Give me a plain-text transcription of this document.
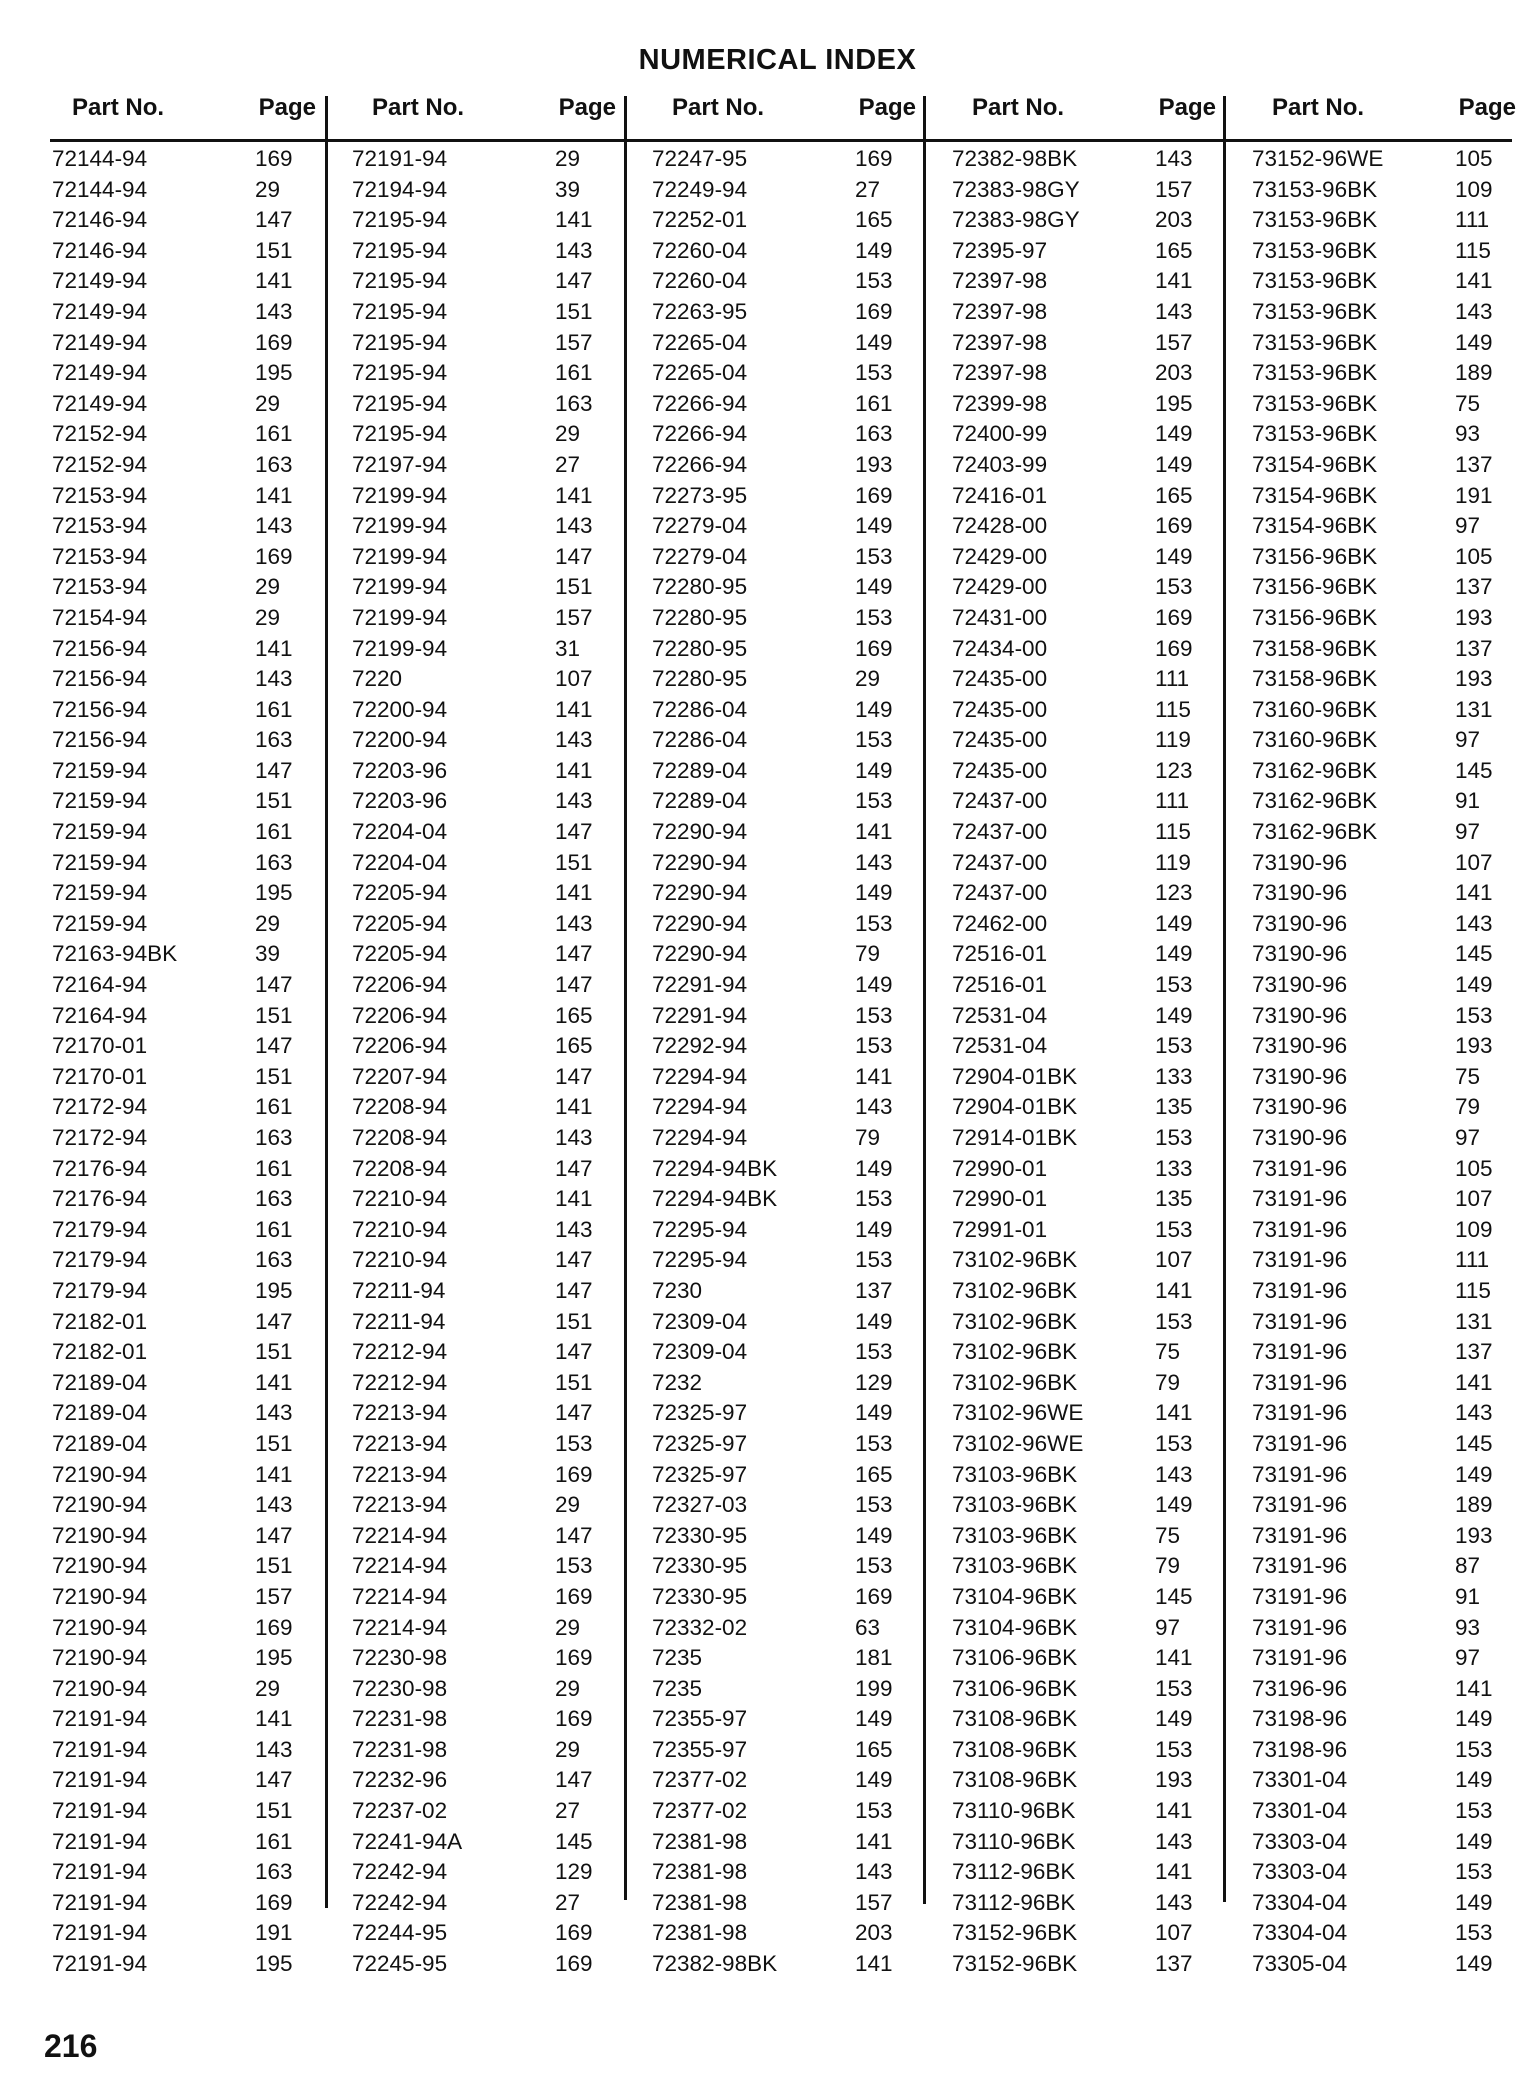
NUMERICAL INDEX
Part No.	Page
72144-94	169
72144-94	29
72146-94	147
72146-94	151
72149-94	141
72149-94	143
72149-94	169
72149-94	195
72149-94	29
72152-94	161
72152-94	163
72153-94	141
72153-94	143
72153-94	169
72153-94	29
72154-94	29
72156-94	141
72156-94	143
72156-94	161
72156-94	163
72159-94	147
72159-94	151
72159-94	161
72159-94	163
72159-94	195
72159-94	29
72163-94BK	39
72164-94	147
72164-94	151
72170-01	147
72170-01	151
72172-94	161
72172-94	163
72176-94	161
72176-94	163
72179-94	161
72179-94	163
72179-94	195
72182-01	147
72182-01	151
72189-04	141
72189-04	143
72189-04	151
72190-94	141
72190-94	143
72190-94	147
72190-94	151
72190-94	157
72190-94	169
72190-94	195
72190-94	29
72191-94	141
72191-94	143
72191-94	147
72191-94	151
72191-94	161
72191-94	163
72191-94	169
72191-94	191
72191-94	195
Part No.	Page
72191-94	29
72194-94	39
72195-94	141
72195-94	143
72195-94	147
72195-94	151
72195-94	157
72195-94	161
72195-94	163
72195-94	29
72197-94	27
72199-94	141
72199-94	143
72199-94	147
72199-94	151
72199-94	157
72199-94	31
7220	107
72200-94	141
72200-94	143
72203-96	141
72203-96	143
72204-04	147
72204-04	151
72205-94	141
72205-94	143
72205-94	147
72206-94	147
72206-94	165
72206-94	165
72207-94	147
72208-94	141
72208-94	143
72208-94	147
72210-94	141
72210-94	143
72210-94	147
72211-94	147
72211-94	151
72212-94	147
72212-94	151
72213-94	147
72213-94	153
72213-94	169
72213-94	29
72214-94	147
72214-94	153
72214-94	169
72214-94	29
72230-98	169
72230-98	29
72231-98	169
72231-98	29
72232-96	147
72237-02	27
72241-94A	145
72242-94	129
72242-94	27
72244-95	169
72245-95	169
Part No.	Page
72247-95	169
72249-94	27
72252-01	165
72260-04	149
72260-04	153
72263-95	169
72265-04	149
72265-04	153
72266-94	161
72266-94	163
72266-94	193
72273-95	169
72279-04	149
72279-04	153
72280-95	149
72280-95	153
72280-95	169
72280-95	29
72286-04	149
72286-04	153
72289-04	149
72289-04	153
72290-94	141
72290-94	143
72290-94	149
72290-94	153
72290-94	79
72291-94	149
72291-94	153
72292-94	153
72294-94	141
72294-94	143
72294-94	79
72294-94BK	149
72294-94BK	153
72295-94	149
72295-94	153
7230	137
72309-04	149
72309-04	153
7232	129
72325-97	149
72325-97	153
72325-97	165
72327-03	153
72330-95	149
72330-95	153
72330-95	169
72332-02	63
7235	181
7235	199
72355-97	149
72355-97	165
72377-02	149
72377-02	153
72381-98	141
72381-98	143
72381-98	157
72381-98	203
72382-98BK	141
Part No.	Page
72382-98BK	143
72383-98GY	157
72383-98GY	203
72395-97	165
72397-98	141
72397-98	143
72397-98	157
72397-98	203
72399-98	195
72400-99	149
72403-99	149
72416-01	165
72428-00	169
72429-00	149
72429-00	153
72431-00	169
72434-00	169
72435-00	111
72435-00	115
72435-00	119
72435-00	123
72437-00	111
72437-00	115
72437-00	119
72437-00	123
72462-00	149
72516-01	149
72516-01	153
72531-04	149
72531-04	153
72904-01BK	133
72904-01BK	135
72914-01BK	153
72990-01	133
72990-01	135
72991-01	153
73102-96BK	107
73102-96BK	141
73102-96BK	153
73102-96BK	75
73102-96BK	79
73102-96WE	141
73102-96WE	153
73103-96BK	143
73103-96BK	149
73103-96BK	75
73103-96BK	79
73104-96BK	145
73104-96BK	97
73106-96BK	141
73106-96BK	153
73108-96BK	149
73108-96BK	153
73108-96BK	193
73110-96BK	141
73110-96BK	143
73112-96BK	141
73112-96BK	143
73152-96BK	107
73152-96BK	137
Part No.	Page
73152-96WE	105
73153-96BK	109
73153-96BK	111
73153-96BK	115
73153-96BK	141
73153-96BK	143
73153-96BK	149
73153-96BK	189
73153-96BK	75
73153-96BK	93
73154-96BK	137
73154-96BK	191
73154-96BK	97
73156-96BK	105
73156-96BK	137
73156-96BK	193
73158-96BK	137
73158-96BK	193
73160-96BK	131
73160-96BK	97
73162-96BK	145
73162-96BK	91
73162-96BK	97
73190-96	107
73190-96	141
73190-96	143
73190-96	145
73190-96	149
73190-96	153
73190-96	193
73190-96	75
73190-96	79
73190-96	97
73191-96	105
73191-96	107
73191-96	109
73191-96	111
73191-96	115
73191-96	131
73191-96	137
73191-96	141
73191-96	143
73191-96	145
73191-96	149
73191-96	189
73191-96	193
73191-96	87
73191-96	91
73191-96	93
73191-96	97
73196-96	141
73198-96	149
73198-96	153
73301-04	149
73301-04	153
73303-04	149
73303-04	153
73304-04	149
73304-04	153
73305-04	149
216
